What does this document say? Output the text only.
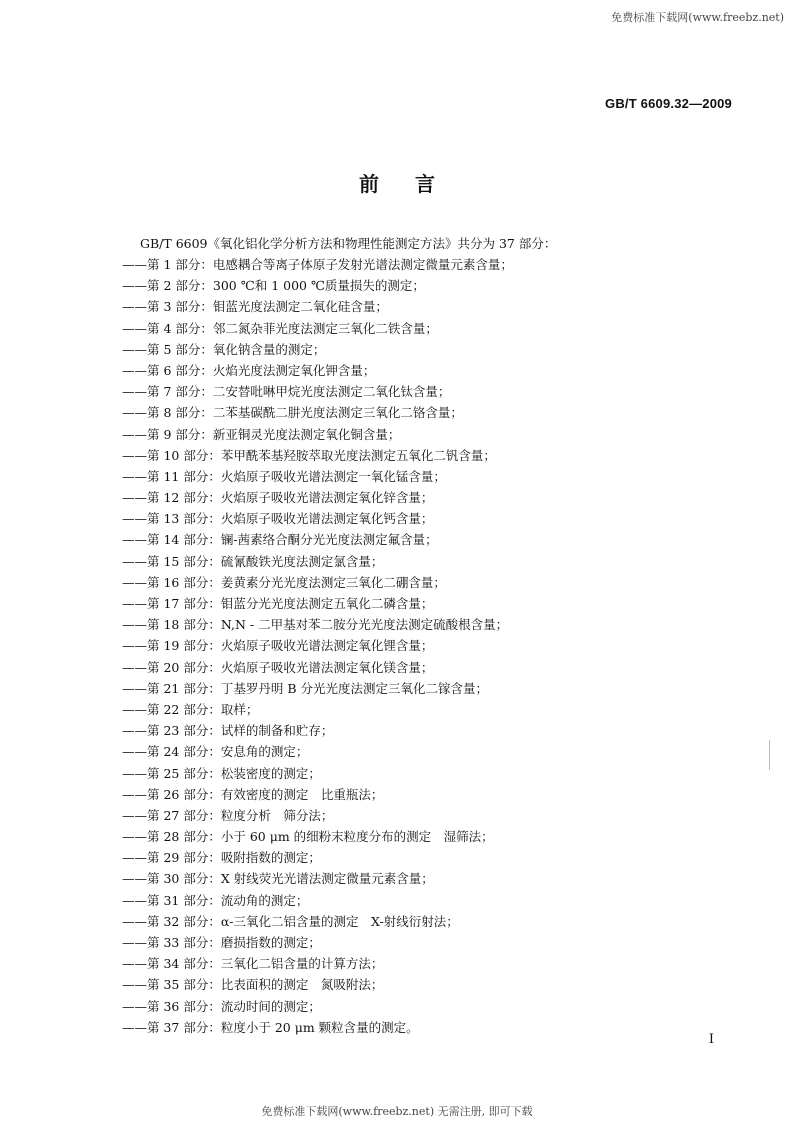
免费标准下载网(www.freebz.net)
GB/T 6609.32—2009
前言
GB/T 6609《氧化铝化学分析方法和物理性能测定方法》共分为 37 部分：
——第 1 部分：电感耦合等离子体原子发射光谱法测定微量元素含量；
——第 2 部分：300 ℃和 1 000 ℃质量损失的测定；
——第 3 部分：钼蓝光度法测定二氧化硅含量；
——第 4 部分：邻二氮杂菲光度法测定三氧化二铁含量；
——第 5 部分：氧化钠含量的测定；
——第 6 部分：火焰光度法测定氧化钾含量；
——第 7 部分：二安替吡啉甲烷光度法测定二氧化钛含量；
——第 8 部分：二苯基碳酰二肼光度法测定三氧化二铬含量；
——第 9 部分：新亚铜灵光度法测定氧化铜含量；
——第 10 部分：苯甲酰苯基羟胺萃取光度法测定五氧化二钒含量；
——第 11 部分：火焰原子吸收光谱法测定一氧化锰含量；
——第 12 部分：火焰原子吸收光谱法测定氧化锌含量；
——第 13 部分：火焰原子吸收光谱法测定氧化钙含量；
——第 14 部分：镧-茜素络合酮分光光度法测定氟含量；
——第 15 部分：硫氰酸铁光度法测定氯含量；
——第 16 部分：姜黄素分光光度法测定三氧化二硼含量；
——第 17 部分：钼蓝分光光度法测定五氧化二磷含量；
——第 18 部分：N,N - 二甲基对苯二胺分光光度法测定硫酸根含量；
——第 19 部分：火焰原子吸收光谱法测定氧化锂含量；
——第 20 部分：火焰原子吸收光谱法测定氧化镁含量；
——第 21 部分：丁基罗丹明 B 分光光度法测定三氧化二镓含量；
——第 22 部分：取样；
——第 23 部分：试样的制备和贮存；
——第 24 部分：安息角的测定；
——第 25 部分：松装密度的测定；
——第 26 部分：有效密度的测定　比重瓶法；
——第 27 部分：粒度分析　筛分法；
——第 28 部分：小于 60 μm 的细粉末粒度分布的测定　湿筛法；
——第 29 部分：吸附指数的测定；
——第 30 部分：X 射线荧光光谱法测定微量元素含量；
——第 31 部分：流动角的测定；
——第 32 部分：α-三氧化二铝含量的测定　X-射线衍射法；
——第 33 部分：磨损指数的测定；
——第 34 部分：三氧化二铝含量的计算方法；
——第 35 部分：比表面积的测定　氮吸附法；
——第 36 部分：流动时间的测定；
——第 37 部分：粒度小于 20 μm 颗粒含量的测定。
I
免费标准下载网(www.freebz.net) 无需注册, 即可下载
